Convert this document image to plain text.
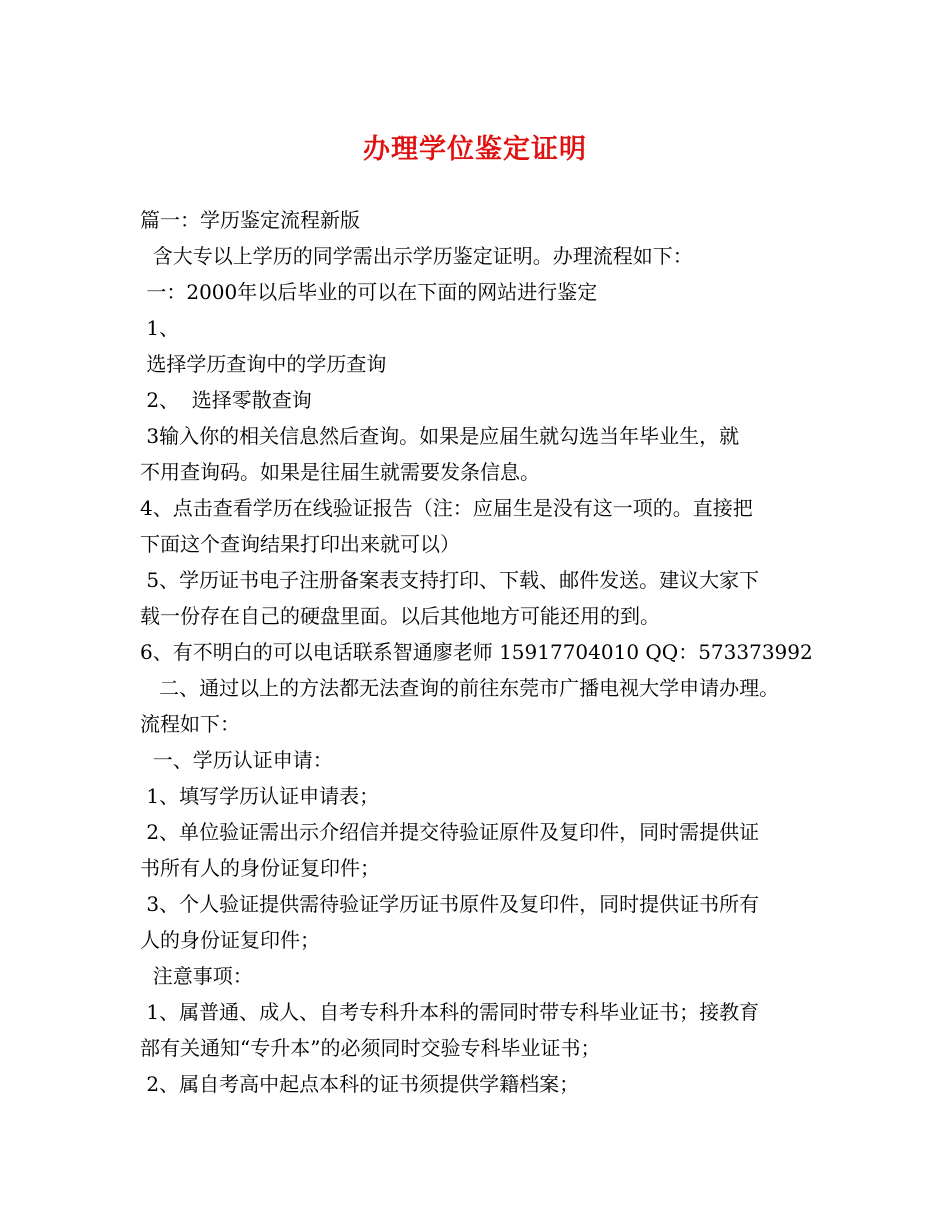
办理学位鉴定证明
篇一：学历鉴定流程新版
含大专以上学历的同学需出示学历鉴定证明。办理流程如下：
一：2000年以后毕业的可以在下面的网站进行鉴定
1、
选择学历查询中的学历查询
2、  选择零散查询
3输入你的相关信息然后查询。如果是应届生就勾选当年毕业生，就
不用查询码。如果是往届生就需要发条信息。
4、点击查看学历在线验证报告（注：应届生是没有这一项的。直接把
下面这个查询结果打印出来就可以）
5、学历证书电子注册备案表支持打印、下载、邮件发送。建议大家下
载一份存在自己的硬盘里面。以后其他地方可能还用的到。
6、有不明白的可以电话联系智通廖老师 15917704010 QQ：573373992
二、通过以上的方法都无法查询的前往东莞市广播电视大学申请办理。
流程如下：
一、学历认证申请：
1、填写学历认证申请表；
2、单位验证需出示介绍信并提交待验证原件及复印件，同时需提供证
书所有人的身份证复印件；
3、个人验证提供需待验证学历证书原件及复印件，同时提供证书所有
人的身份证复印件；
注意事项：
1、属普通、成人、自考专科升本科的需同时带专科毕业证书；接教育
部有关通知“专升本”的必须同时交验专科毕业证书；
2、属自考高中起点本科的证书须提供学籍档案；
